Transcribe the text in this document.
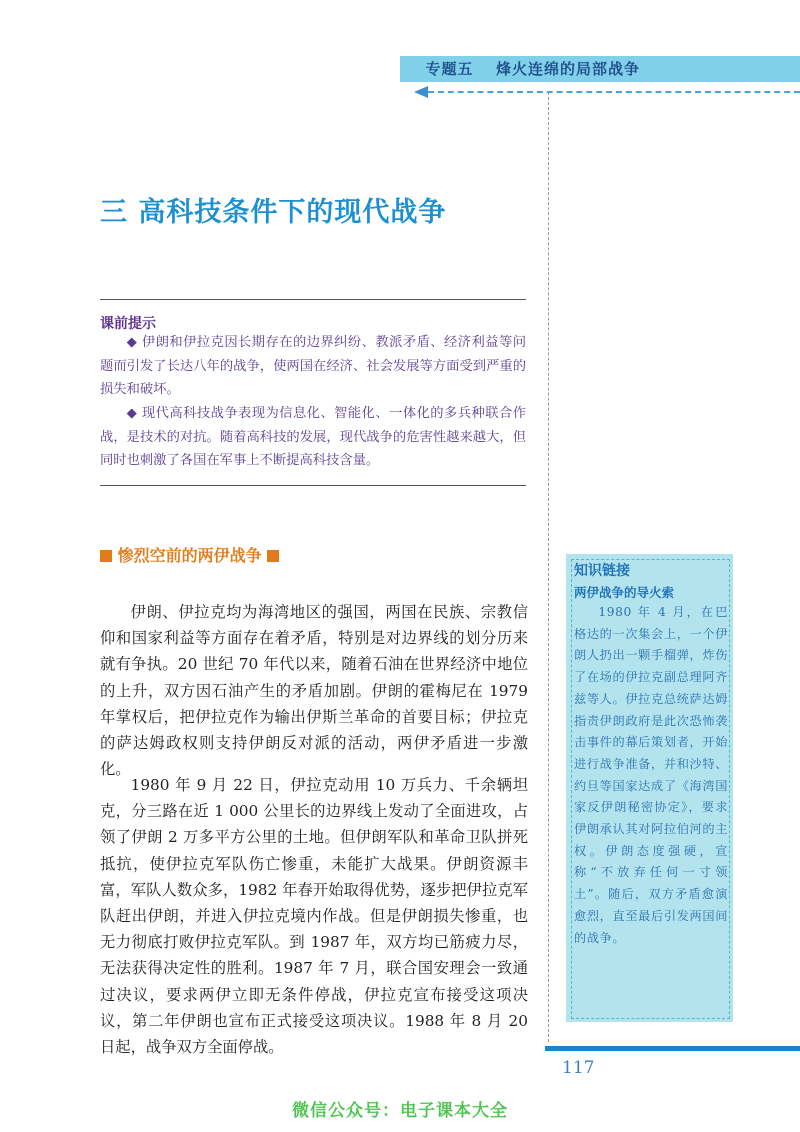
专题五 烽火连绵的局部战争
三 高科技条件下的现代战争
课前提示
◆ 伊朗和伊拉克因长期存在的边界纠纷、教派矛盾、经济利益等问题而引发了长达八年的战争，使两国在经济、社会发展等方面受到严重的损失和破坏。
◆ 现代高科技战争表现为信息化、智能化、一体化的多兵种联合作战，是技术的对抗。随着高科技的发展，现代战争的危害性越来越大，但同时也刺激了各国在军事上不断提高科技含量。
惨烈空前的两伊战争
伊朗、伊拉克均为海湾地区的强国，两国在民族、宗教信仰和国家利益等方面存在着矛盾，特别是对边界线的划分历来就有争执。20 世纪 70 年代以来，随着石油在世界经济中地位的上升，双方因石油产生的矛盾加剧。伊朗的霍梅尼在 1979 年掌权后，把伊拉克作为输出伊斯兰革命的首要目标；伊拉克的萨达姆政权则支持伊朗反对派的活动，两伊矛盾进一步激化。
1980 年 9 月 22 日，伊拉克动用 10 万兵力、千余辆坦克，分三路在近 1 000 公里长的边界线上发动了全面进攻，占领了伊朗 2 万多平方公里的土地。但伊朗军队和革命卫队拼死抵抗，使伊拉克军队伤亡惨重，未能扩大战果。伊朗资源丰富，军队人数众多，1982 年春开始取得优势，逐步把伊拉克军队赶出伊朗，并进入伊拉克境内作战。但是伊朗损失惨重，也无力彻底打败伊拉克军队。到 1987 年，双方均已筋疲力尽，无法获得决定性的胜利。1987 年 7 月，联合国安理会一致通过决议，要求两伊立即无条件停战，伊拉克宣布接受这项决议，第二年伊朗也宣布正式接受这项决议。1988 年 8 月 20 日起，战争双方全面停战。
知识链接
两伊战争的导火索
1980 年 4 月，在巴格达的一次集会上，一个伊朗人扔出一颗手榴弹，炸伤了在场的伊拉克副总理阿齐兹等人。伊拉克总统萨达姆指责伊朗政府是此次恐怖袭击事件的幕后策划者，开始进行战争准备，并和沙特、约旦等国家达成了《海湾国家反伊朗秘密协定》，要求伊朗承认其对阿拉伯河的主权。伊朗态度强硬，宣称“不放弃任何一寸领土”。随后，双方矛盾愈演愈烈，直至最后引发两国间的战争。
117
微信公众号：电子课本大全
